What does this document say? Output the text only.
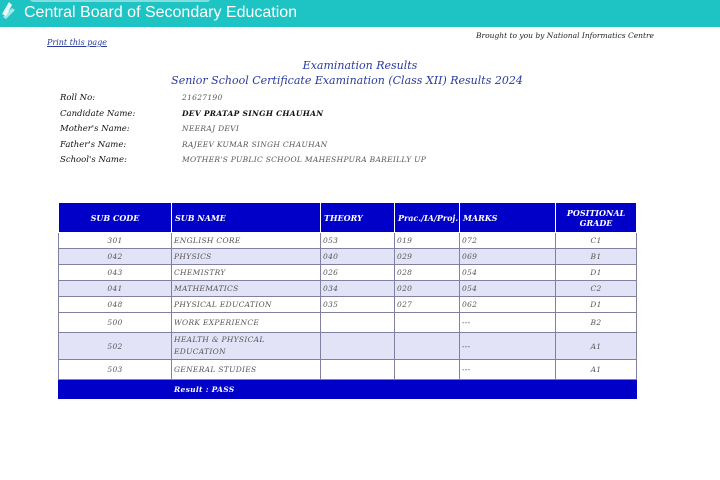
Central Board of Secondary Education
Print this page
Brought to you by National Informatics Centre
Examination Results
Senior School Certificate Examination (Class XII) Results 2024
Roll No:	21627190
Candidate Name:	DEV PRATAP SINGH CHAUHAN
Mother's Name:	NEERAJ DEVI
Father's Name:	RAJEEV KUMAR SINGH CHAUHAN
School's Name:	MOTHER'S PUBLIC SCHOOL MAHESHPURA BAREILLY UP
SUB CODE	SUB NAME	THEORY	Prac./IA/Proj.	MARKS	POSITIONAL GRADE
301	ENGLISH CORE	053	019	072	C1
042	PHYSICS	040	029	069	B1
043	CHEMISTRY	026	028	054	D1
041	MATHEMATICS	034	020	054	C2
048	PHYSICAL EDUCATION	035	027	062	D1
500	WORK EXPERIENCE			---	B2
502	HEALTH & PHYSICAL EDUCATION			---	A1
503	GENERAL STUDIES			---	A1
	Result : PASS				
